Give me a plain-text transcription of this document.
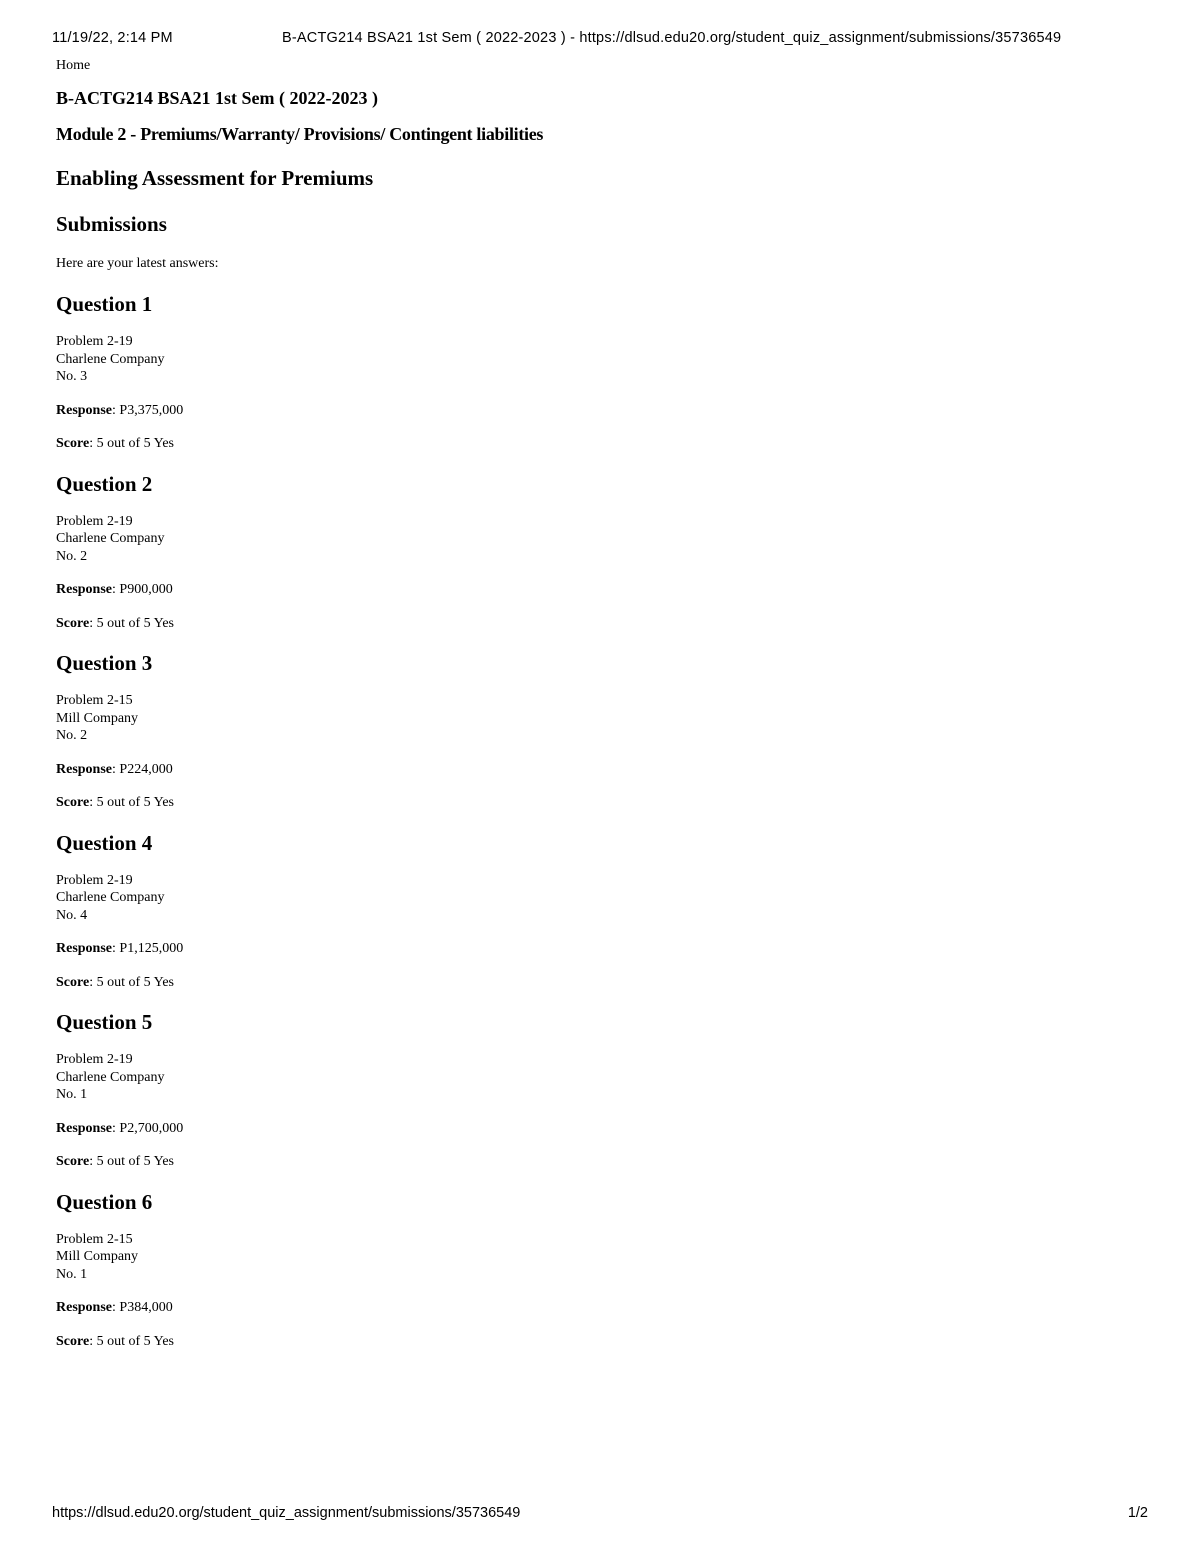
11/19/22, 2:14 PM	B-ACTG214 BSA21 1st Sem ( 2022-2023 ) - https://dlsud.edu20.org/student_quiz_assignment/submissions/35736549
Home
B-ACTG214 BSA21 1st Sem ( 2022-2023 )
Module 2 - Premiums/Warranty/ Provisions/ Contingent liabilities
Enabling Assessment for Premiums
Submissions

Here are your latest answers:

Question 1
Problem 2-19
Charlene Company
No. 3
Response: P3,375,000
Score: 5 out of 5 Yes
Question 2
Problem 2-19
Charlene Company
No. 2
Response: P900,000
Score: 5 out of 5 Yes
Question 3
Problem 2-15
Mill Company
No. 2
Response: P224,000
Score: 5 out of 5 Yes
Question 4
Problem 2-19
Charlene Company
No. 4
Response: P1,125,000
Score: 5 out of 5 Yes
Question 5
Problem 2-19
Charlene Company
No. 1
Response: P2,700,000
Score: 5 out of 5 Yes
Question 6
Problem 2-15
Mill Company
No. 1
Response: P384,000
Score: 5 out of 5 Yes
https://dlsud.edu20.org/student_quiz_assignment/submissions/35736549	1/2
